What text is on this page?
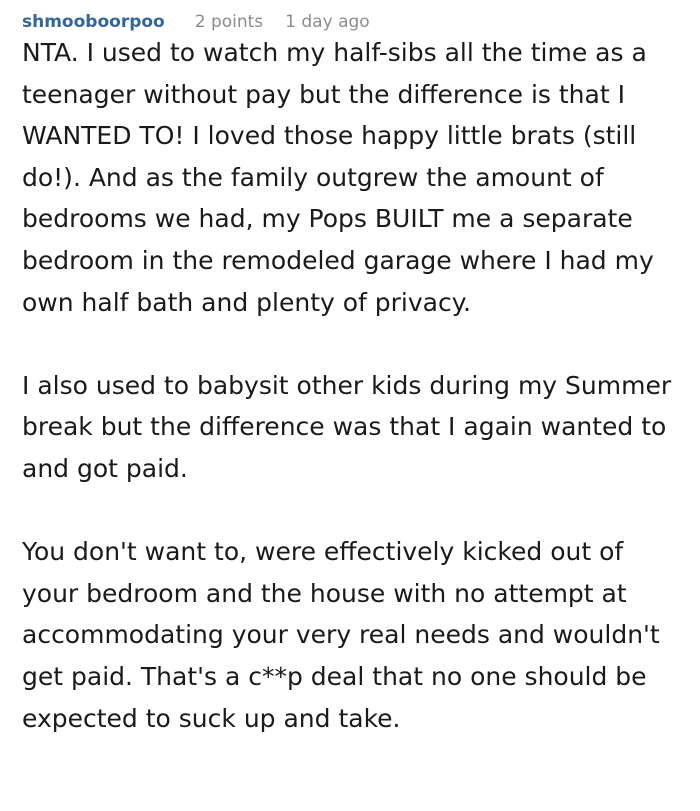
shmooboorpoo 2 points 1 day ago

NTA. I used to watch my half-sibs all the time as a teenager without pay but the difference is that I WANTED TO! I loved those happy little brats (still do!). And as the family outgrew the amount of bedrooms we had, my Pops BUILT me a separate bedroom in the remodeled garage where I had my own half bath and plenty of privacy.

I also used to babysit other kids during my Summer break but the difference was that I again wanted to and got paid.

You don't want to, were effectively kicked out of your bedroom and the house with no attempt at accommodating your very real needs and wouldn't get paid. That's a c**p deal that no one should be expected to suck up and take.
